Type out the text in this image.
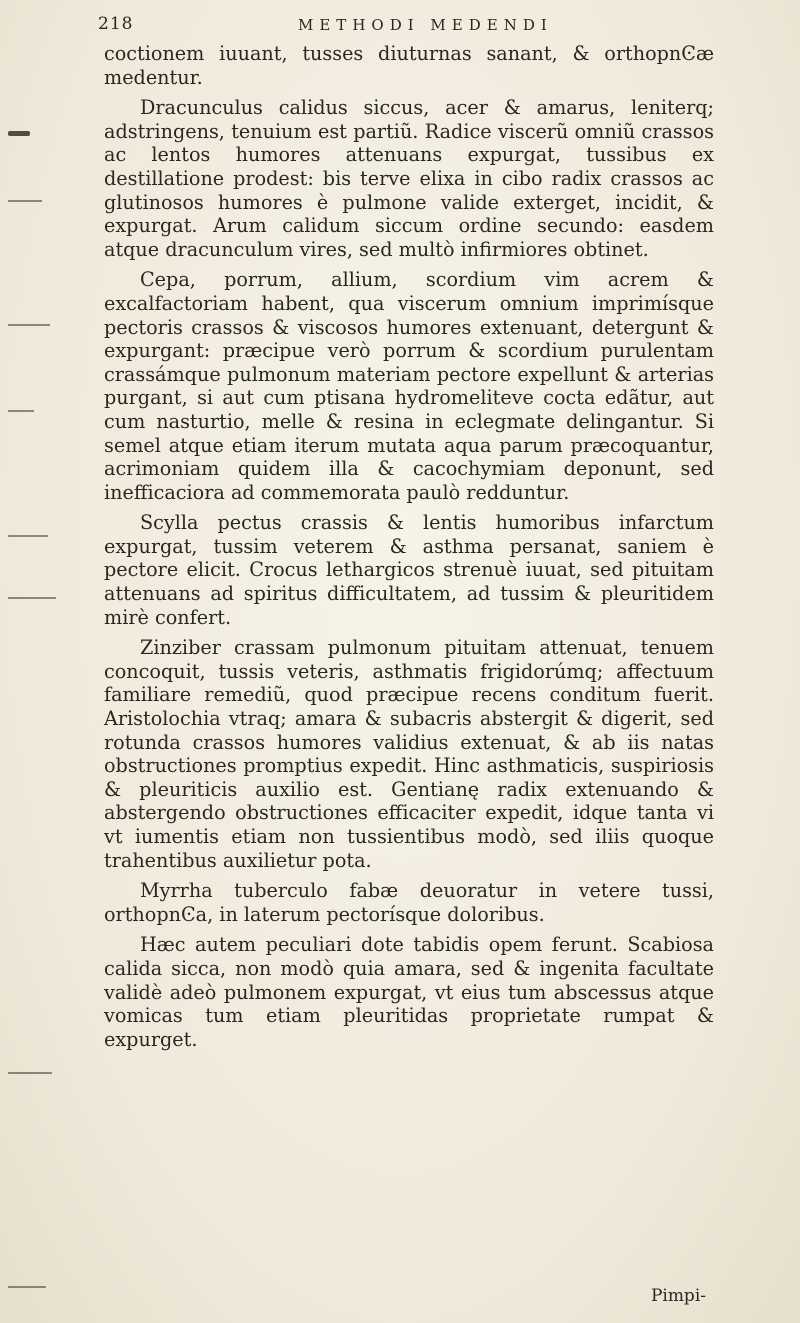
218	METHODI MEDENDI

coctionem iuuant, tusses diuturnas sanant, & orthopnϾæ medentur.

Dracunculus calidus siccus, acer & amarus, leniterq; adstringens, tenuium est partiũ. Radice viscerũ omniũ crassos ac lentos humores attenuans expurgat, tussibus ex destillatione prodest: bis terve elixa in cibo radix crassos ac glutinosos humores è pulmone valide exterget, incidit, & expurgat. Arum calidum siccum ordine secundo: easdem atque dracunculum vires, sed multò infirmiores obtinet.

Cepa, porrum, allium, scordium vim acrem & excalfactoriam habent, qua viscerum omnium imprimísque pectoris crassos & viscosos humores extenuant, detergunt & expurgant: præcipue verò porrum & scordium purulentam crassámque pulmonum materiam pectore expellunt & arterias purgant, si aut cum ptisana hydromeliteve cocta edãtur, aut cum nasturtio, melle & resina in eclegmate delingantur. Si semel atque etiam iterum mutata aqua parum præcoquantur, acrimoniam quidem illa & cacochymiam deponunt, sed inefficaciora ad commemorata paulò redduntur.

Scylla pectus crassis & lentis humoribus infarctum expurgat, tussim veterem & asthma persanat, saniem è pectore elicit. Crocus lethargicos strenuè iuuat, sed pituitam attenuans ad spiritus difficultatem, ad tussim & pleuritidem mirè confert.

Zinziber crassam pulmonum pituitam attenuat, tenuem concoquit, tussis veteris, asthmatis frigidorúmq; affectuum familiare remediũ, quod præcipue recens conditum fuerit. Aristolochia vtraq; amara & subacris abstergit & digerit, sed rotunda crassos humores validius extenuat, & ab iis natas obstructiones promptius expedit. Hinc asthmaticis, suspiriosis & pleuriticis auxilio est. Gentianę radix extenuando & abstergendo obstructiones efficaciter expedit, idque tanta vi vt iumentis etiam non tussientibus modò, sed iliis quoque trahentibus auxilietur pota.

Myrrha tuberculo fabæ deuoratur in vetere tussi, orthopnϾa, in laterum pectorísque doloribus.

Hæc autem peculiari dote tabidis opem ferunt. Scabiosa calida sicca, non modò quia amara, sed & ingenita facultate validè adeò pulmonem expurgat, vt eius tum abscessus atque vomicas tum etiam pleuritidas proprietate rumpat & expurget.

Pimpi-
